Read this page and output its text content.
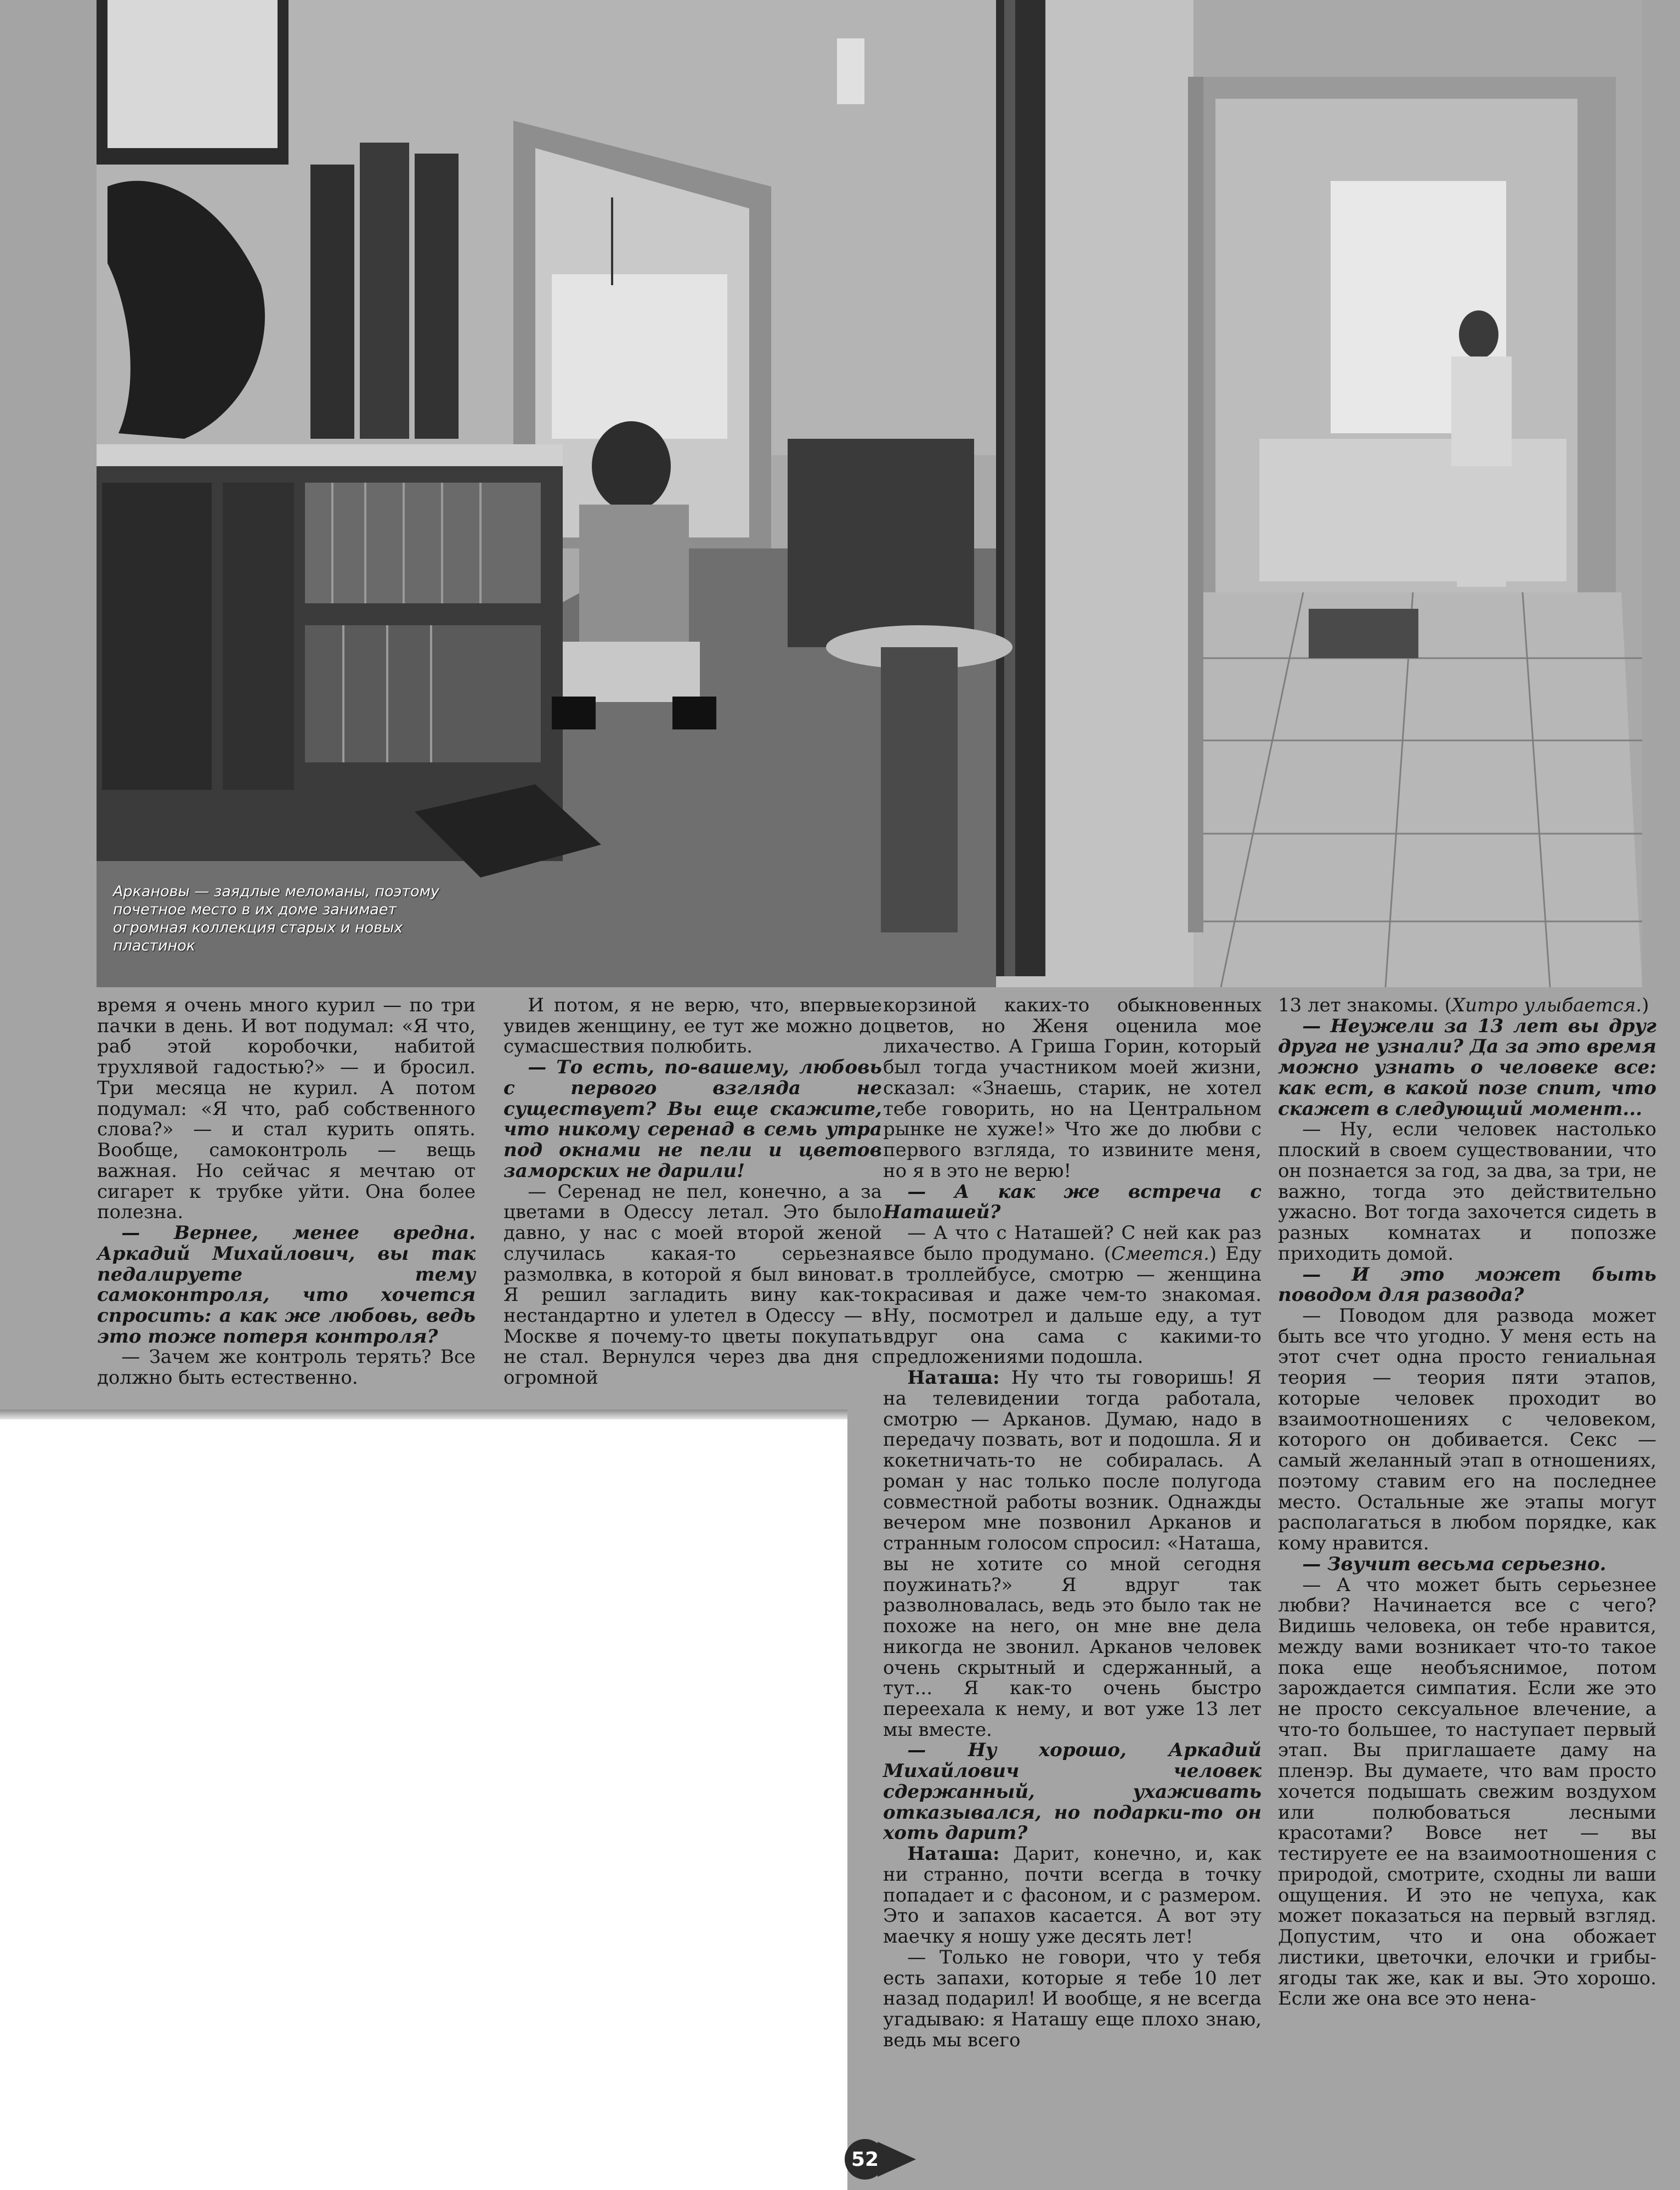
Аркановы — заядлые меломаны, поэтому почетное место в их доме занимает огромная коллекция старых и новых пластинок

время я очень много курил — по три пачки в день. И вот подумал: «Я что, раб этой коробочки, набитой трухлявой гадостью?» — и бросил. Три месяца не курил. А потом подумал: «Я что, раб собственного слова?» — и стал курить опять. Вообще, самоконтроль — вещь важная. Но сейчас я мечтаю от сигарет к трубке уйти. Она более полезна.

— Вернее, менее вредна. Аркадий Михайлович, вы так педалируете тему самоконтроля, что хочется спросить: а как же любовь, ведь это тоже потеря контроля?

— Зачем же контроль терять? Все должно быть естественно.

И потом, я не верю, что, впервые увидев женщину, ее тут же можно до сумасшествия полюбить.

— То есть, по-вашему, любовь с первого взгляда не существует? Вы еще скажите, что никому серенад в семь утра под окнами не пели и цветов заморских не дарили!

— Серенад не пел, конечно, а за цветами в Одессу летал. Это было давно, у нас с моей второй женой случилась какая-то серьезная размолвка, в которой я был виноват. Я решил загладить вину как-то нестандартно и улетел в Одессу — в Москве я почему-то цветы покупать не стал. Вернулся через два дня с огромной

корзиной каких-то обыкновенных цветов, но Женя оценила мое лихачество. А Гриша Горин, который был тогда участником моей жизни, сказал: «Знаешь, старик, не хотел тебе говорить, но на Центральном рынке не хуже!» Что же до любви с первого взгляда, то извините меня, но я в это не верю!

— А как же встреча с Наташей?

— А что с Наташей? С ней как раз все было продумано. (Смеется.) Еду в троллейбусе, смотрю — женщина красивая и даже чем-то знакомая. Ну, посмотрел и дальше еду, а тут вдруг она сама с какими-то предложениями подошла.

Наташа: Ну что ты говоришь! Я на телевидении тогда работала, смотрю — Арканов. Думаю, надо в передачу позвать, вот и подошла. Я и кокетничать-то не собиралась. А роман у нас только после полугода совместной работы возник. Однажды вечером мне позвонил Арканов и странным голосом спросил: «Наташа, вы не хотите со мной сегодня поужинать?» Я вдруг так разволновалась, ведь это было так не похоже на него, он мне вне дела никогда не звонил. Арканов человек очень скрытный и сдержанный, а тут... Я как-то очень быстро переехала к нему, и вот уже 13 лет мы вместе.

— Ну хорошо, Аркадий Михайлович человек сдержанный, ухаживать отказывался, но подарки-то он хоть дарит?

Наташа: Дарит, конечно, и, как ни странно, почти всегда в точку попадает и с фасоном, и с размером. Это и запахов касается. А вот эту маечку я ношу уже десять лет!

— Только не говори, что у тебя есть запахи, которые я тебе 10 лет назад подарил! И вообще, я не всегда угадываю: я Наташу еще плохо знаю, ведь мы всего

13 лет знакомы. (Хитро улыбается.)

— Неужели за 13 лет вы друг друга не узнали? Да за это время можно узнать о человеке все: как ест, в какой позе спит, что скажет в следующий момент...

— Ну, если человек настолько плоский в своем существовании, что он познается за год, за два, за три, не важно, тогда это действительно ужасно. Вот тогда захочется сидеть в разных комнатах и попозже приходить домой.

— И это может быть поводом для развода?

— Поводом для развода может быть все что угодно. У меня есть на этот счет одна просто гениальная теория — теория пяти этапов, которые человек проходит во взаимоотношениях с человеком, которого он добивается. Секс — самый желанный этап в отношениях, поэтому ставим его на последнее место. Остальные же этапы могут располагаться в любом порядке, как кому нравится.

— Звучит весьма серьезно.

— А что может быть серьезнее любви? Начинается все с чего? Видишь человека, он тебе нравится, между вами возникает что-то такое пока еще необъяснимое, потом зарождается симпатия. Если же это не просто сексуальное влечение, а что-то большее, то наступает первый этап. Вы приглашаете даму на пленэр. Вы думаете, что вам просто хочется подышать свежим воздухом или полюбоваться лесными красотами? Вовсе нет — вы тестируете ее на взаимоотношения с природой, смотрите, сходны ли ваши ощущения. И это не чепуха, как может показаться на первый взгляд. Допустим, что и она обожает листики, цветочки, елочки и грибы-ягоды так же, как и вы. Это хорошо. Если же она все это нена-

52
